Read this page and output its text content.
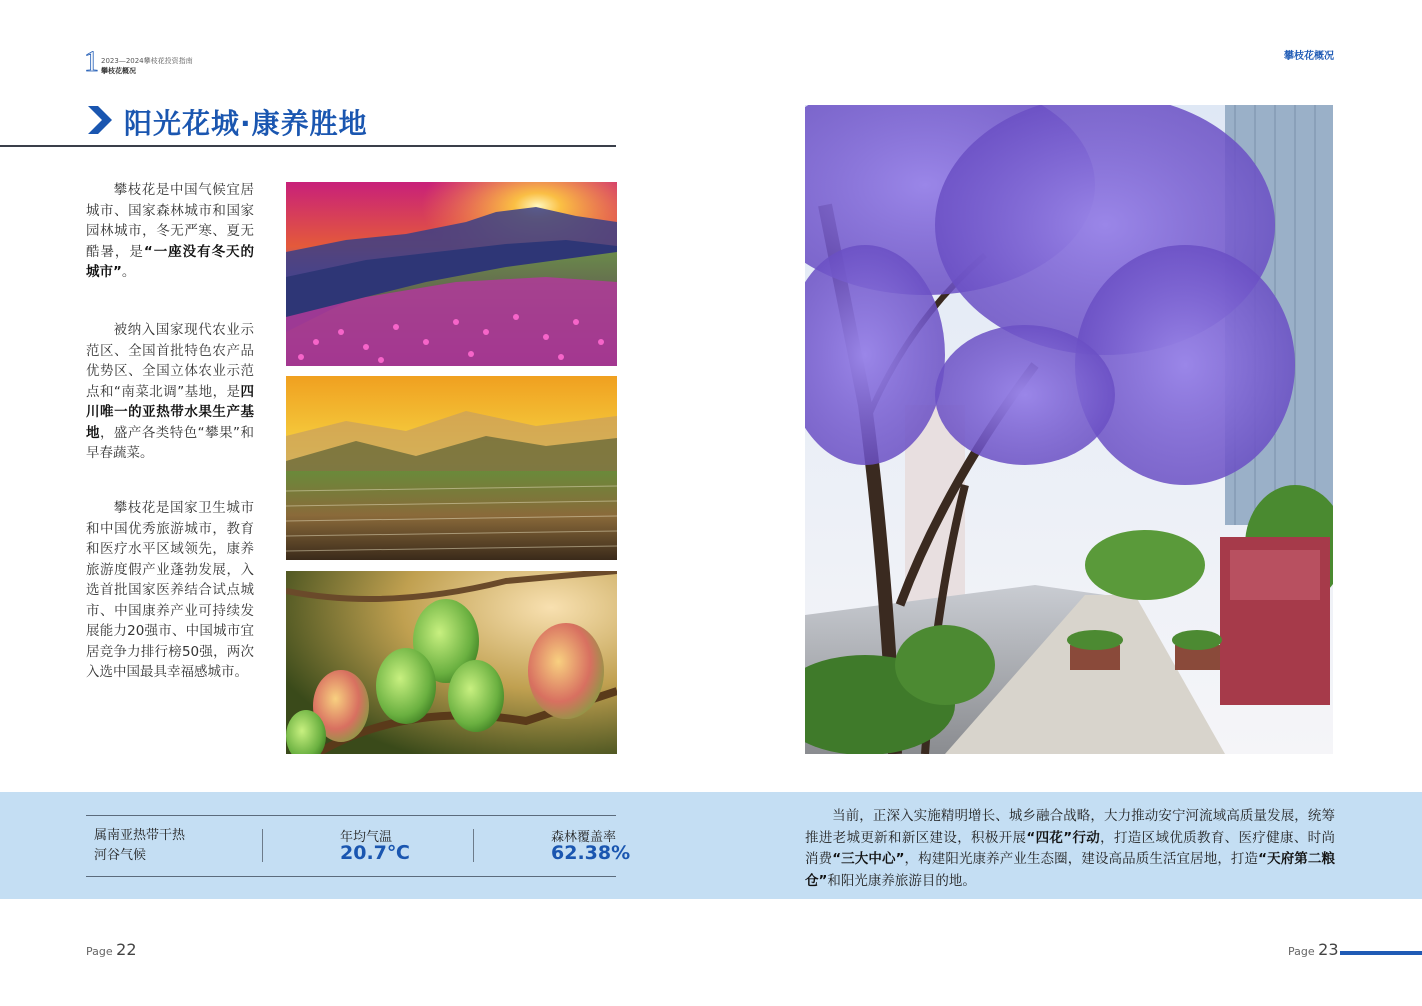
1 2023—2024攀枝花投资指南
攀枝花概况
攀枝花概况
阳光花城·康养胜地
攀枝花是中国气候宜居城市、国家森林城市和国家园林城市，冬无严寒、夏无酷暑，是“一座没有冬天的城市”。
被纳入国家现代农业示范区、全国首批特色农产品优势区、全国立体农业示范点和“南菜北调”基地，是四川唯一的亚热带水果生产基地，盛产各类特色“攀果”和早春蔬菜。
攀枝花是国家卫生城市和中国优秀旅游城市，教育和医疗水平区域领先，康养旅游度假产业蓬勃发展，入选首批国家医养结合试点城市、中国康养产业可持续发展能力20强市、中国城市宜居竞争力排行榜50强，两次入选中国最具幸福感城市。
属南亚热带干热
河谷气候
年均气温
20.7℃
森林覆盖率
62.38%
当前，正深入实施精明增长、城乡融合战略，大力推动安宁河流域高质量发展，统筹推进老城更新和新区建设，积极开展“四花”行动，打造区域优质教育、医疗健康、时尚消费“三大中心”，构建阳光康养产业生态圈，建设高品质生活宜居地，打造“天府第二粮仓”和阳光康养旅游目的地。
Page 22	Page 23
